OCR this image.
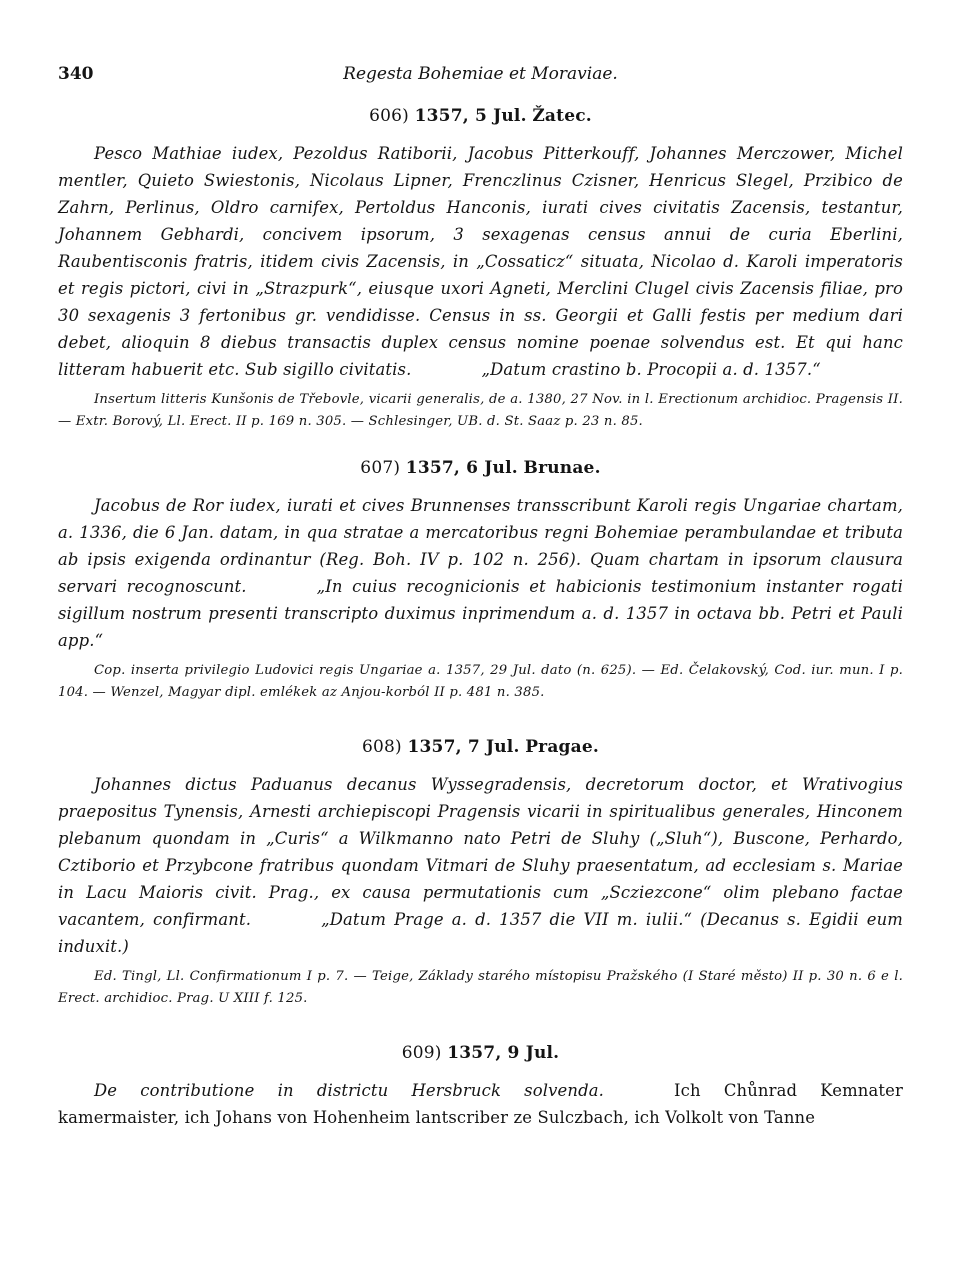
340	Regesta Bohemiae et Moraviae.
606) 1357, 5 Jul. Žatec.

Pesco Mathiae iudex, Pezoldus Ratiborii, Jacobus Pitterkouff, Johannes Merczower, Michel mentler, Quieto Swiestonis, Nicolaus Lipner, Frenczlinus Czisner, Henricus Slegel, Przibico de Zahrn, Perlinus, Oldro carnifex, Pertoldus Hanconis, iurati cives civitatis Zacensis, testantur, Johannem Gebhardi, concivem ipsorum, 3 sexagenas census annui de curia Eberlini, Raubentisconis fratris, itidem civis Zacensis, in „Cossaticz“ situata, Nicolao d. Karoli imperatoris et regis pictori, civi in „Strazpurk“, eiusque uxori Agneti, Merclini Clugel civis Zacensis filiae, pro 30 sexagenis 3 fertonibus gr. vendidisse. Census in ss. Georgii et Galli festis per medium dari debet, alioquin 8 diebus transactis duplex census nomine poenae solvendus est. Et qui hanc litteram habuerit etc. Sub sigillo civitatis.	„Datum crastino b. Procopii a. d. 1357.“

Insertum litteris Kunšonis de Třebovle, vicarii generalis, de a. 1380, 27 Nov. in l. Erectionum archidioc. Pragensis II. — Extr. Borový, Ll. Erect. II p. 169 n. 305. — Schlesinger, UB. d. St. Saaz p. 23 n. 85.

607) 1357, 6 Jul. Brunae.

Jacobus de Ror iudex, iurati et cives Brunnenses transscribunt Karoli regis Ungariae chartam, a. 1336, die 6 Jan. datam, in qua stratae a mercatoribus regni Bohemiae perambulandae et tributa ab ipsis exigenda ordinantur (Reg. Boh. IV p. 102 n. 256). Quam chartam in ipsorum clausura servari recognoscunt.	„In cuius recognicionis et habicionis testimonium instanter rogati sigillum nostrum presenti transcripto duximus inprimendum a. d. 1357 in octava bb. Petri et Pauli app.“

Cop. inserta privilegio Ludovici regis Ungariae a. 1357, 29 Jul. dato (n. 625). — Ed. Čelakovský, Cod. iur. mun. I p. 104. — Wenzel, Magyar dipl. emlékek az Anjou-korból II p. 481 n. 385.

608) 1357, 7 Jul. Pragae.

Johannes dictus Paduanus decanus Wyssegradensis, decretorum doctor, et Wrativogius praepositus Tynensis, Arnesti archiepiscopi Pragensis vicarii in spiritualibus generales, Hinconem plebanum quondam in „Curis“ a Wilkmanno nato Petri de Sluhy („Sluh“), Buscone, Perhardo, Cztiborio et Przybcone fratribus quondam Vitmari de Sluhy praesentatum, ad ecclesiam s. Mariae in Lacu Maioris civit. Prag., ex causa permutationis cum „Scziezcone“ olim plebano factae vacantem, confirmant.	„Datum Prage a. d. 1357 die VII m. iulii.“ (Decanus s. Egidii eum induxit.)

Ed. Tingl, Ll. Confirmationum I p. 7. — Teige, Základy starého místopisu Pražského (I Staré město) II p. 30 n. 6 e l. Erect. archidioc. Prag. U XIII f. 125.

609) 1357, 9 Jul.

De contributione in districtu Hersbruck solvenda.	Ich Chůnrad Kemnater kamermaister, ich Johans von Hohenheim lantscriber ze Sulczbach, ich Volkolt von Tanne
